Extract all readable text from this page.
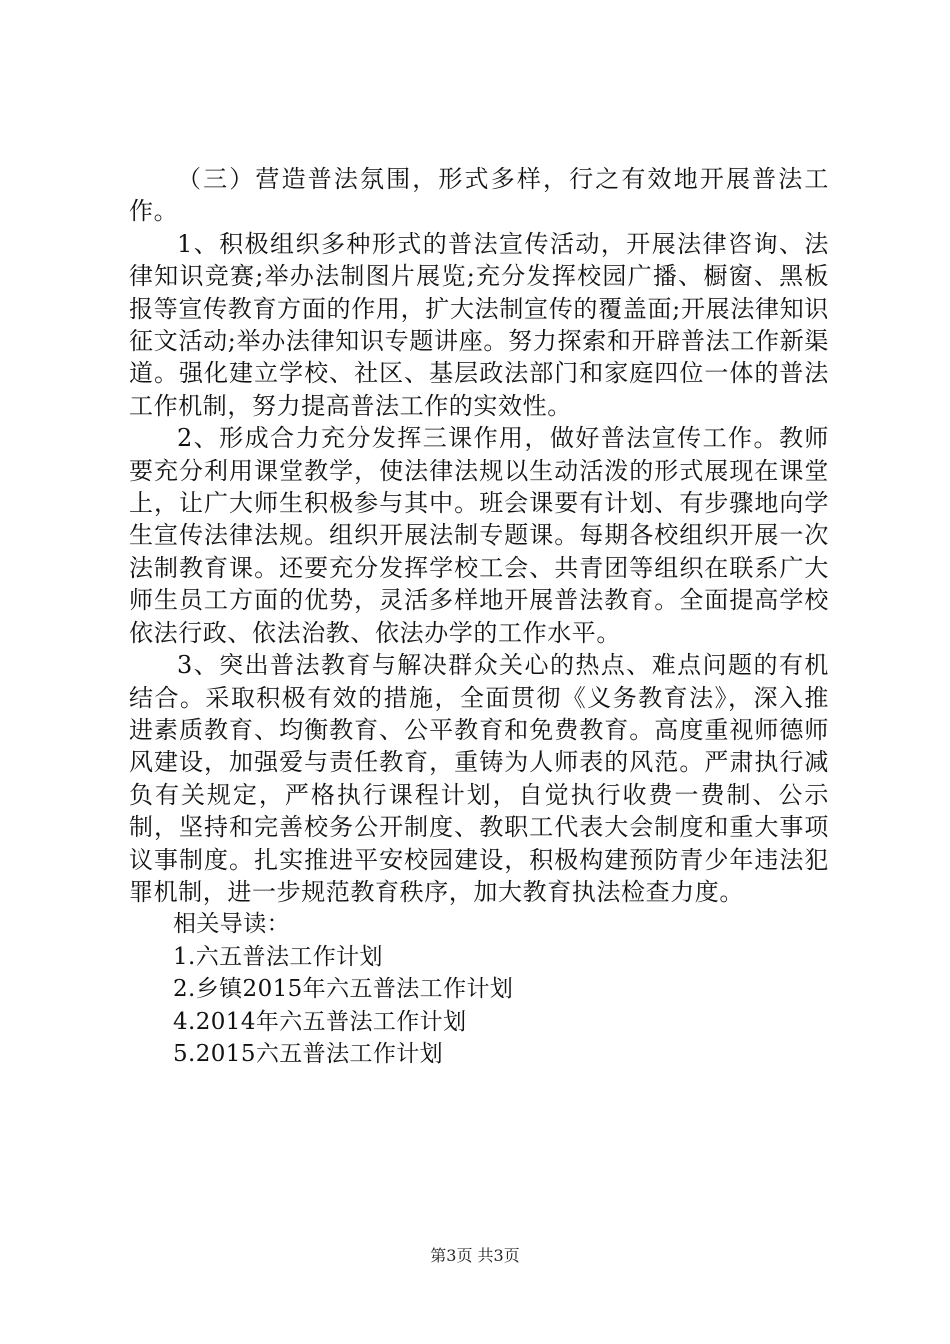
（三）营造普法氛围，形式多样，行之有效地开展普法工作。

1、积极组织多种形式的普法宣传活动，开展法律咨询、法律知识竞赛;举办法制图片展览;充分发挥校园广播、橱窗、黑板报等宣传教育方面的作用，扩大法制宣传的覆盖面;开展法律知识征文活动;举办法律知识专题讲座。努力探索和开辟普法工作新渠道。强化建立学校、社区、基层政法部门和家庭四位一体的普法工作机制，努力提高普法工作的实效性。

2、形成合力充分发挥三课作用，做好普法宣传工作。教师要充分利用课堂教学，使法律法规以生动活泼的形式展现在课堂上，让广大师生积极参与其中。班会课要有计划、有步骤地向学生宣传法律法规。组织开展法制专题课。每期各校组织开展一次法制教育课。还要充分发挥学校工会、共青团等组织在联系广大师生员工方面的优势，灵活多样地开展普法教育。全面提高学校依法行政、依法治教、依法办学的工作水平。

3、突出普法教育与解决群众关心的热点、难点问题的有机结合。采取积极有效的措施，全面贯彻《义务教育法》，深入推进素质教育、均衡教育、公平教育和免费教育。高度重视师德师风建设，加强爱与责任教育，重铸为人师表的风范。严肃执行减负有关规定，严格执行课程计划，自觉执行收费一费制、公示制，坚持和完善校务公开制度、教职工代表大会制度和重大事项议事制度。扎实推进平安校园建设，积极构建预防青少年违法犯罪机制，进一步规范教育秩序，加大教育执法检查力度。

相关导读：

1.六五普法工作计划
2.乡镇2015年六五普法工作计划
4.2014年六五普法工作计划
5.2015六五普法工作计划
第3页 共3页
